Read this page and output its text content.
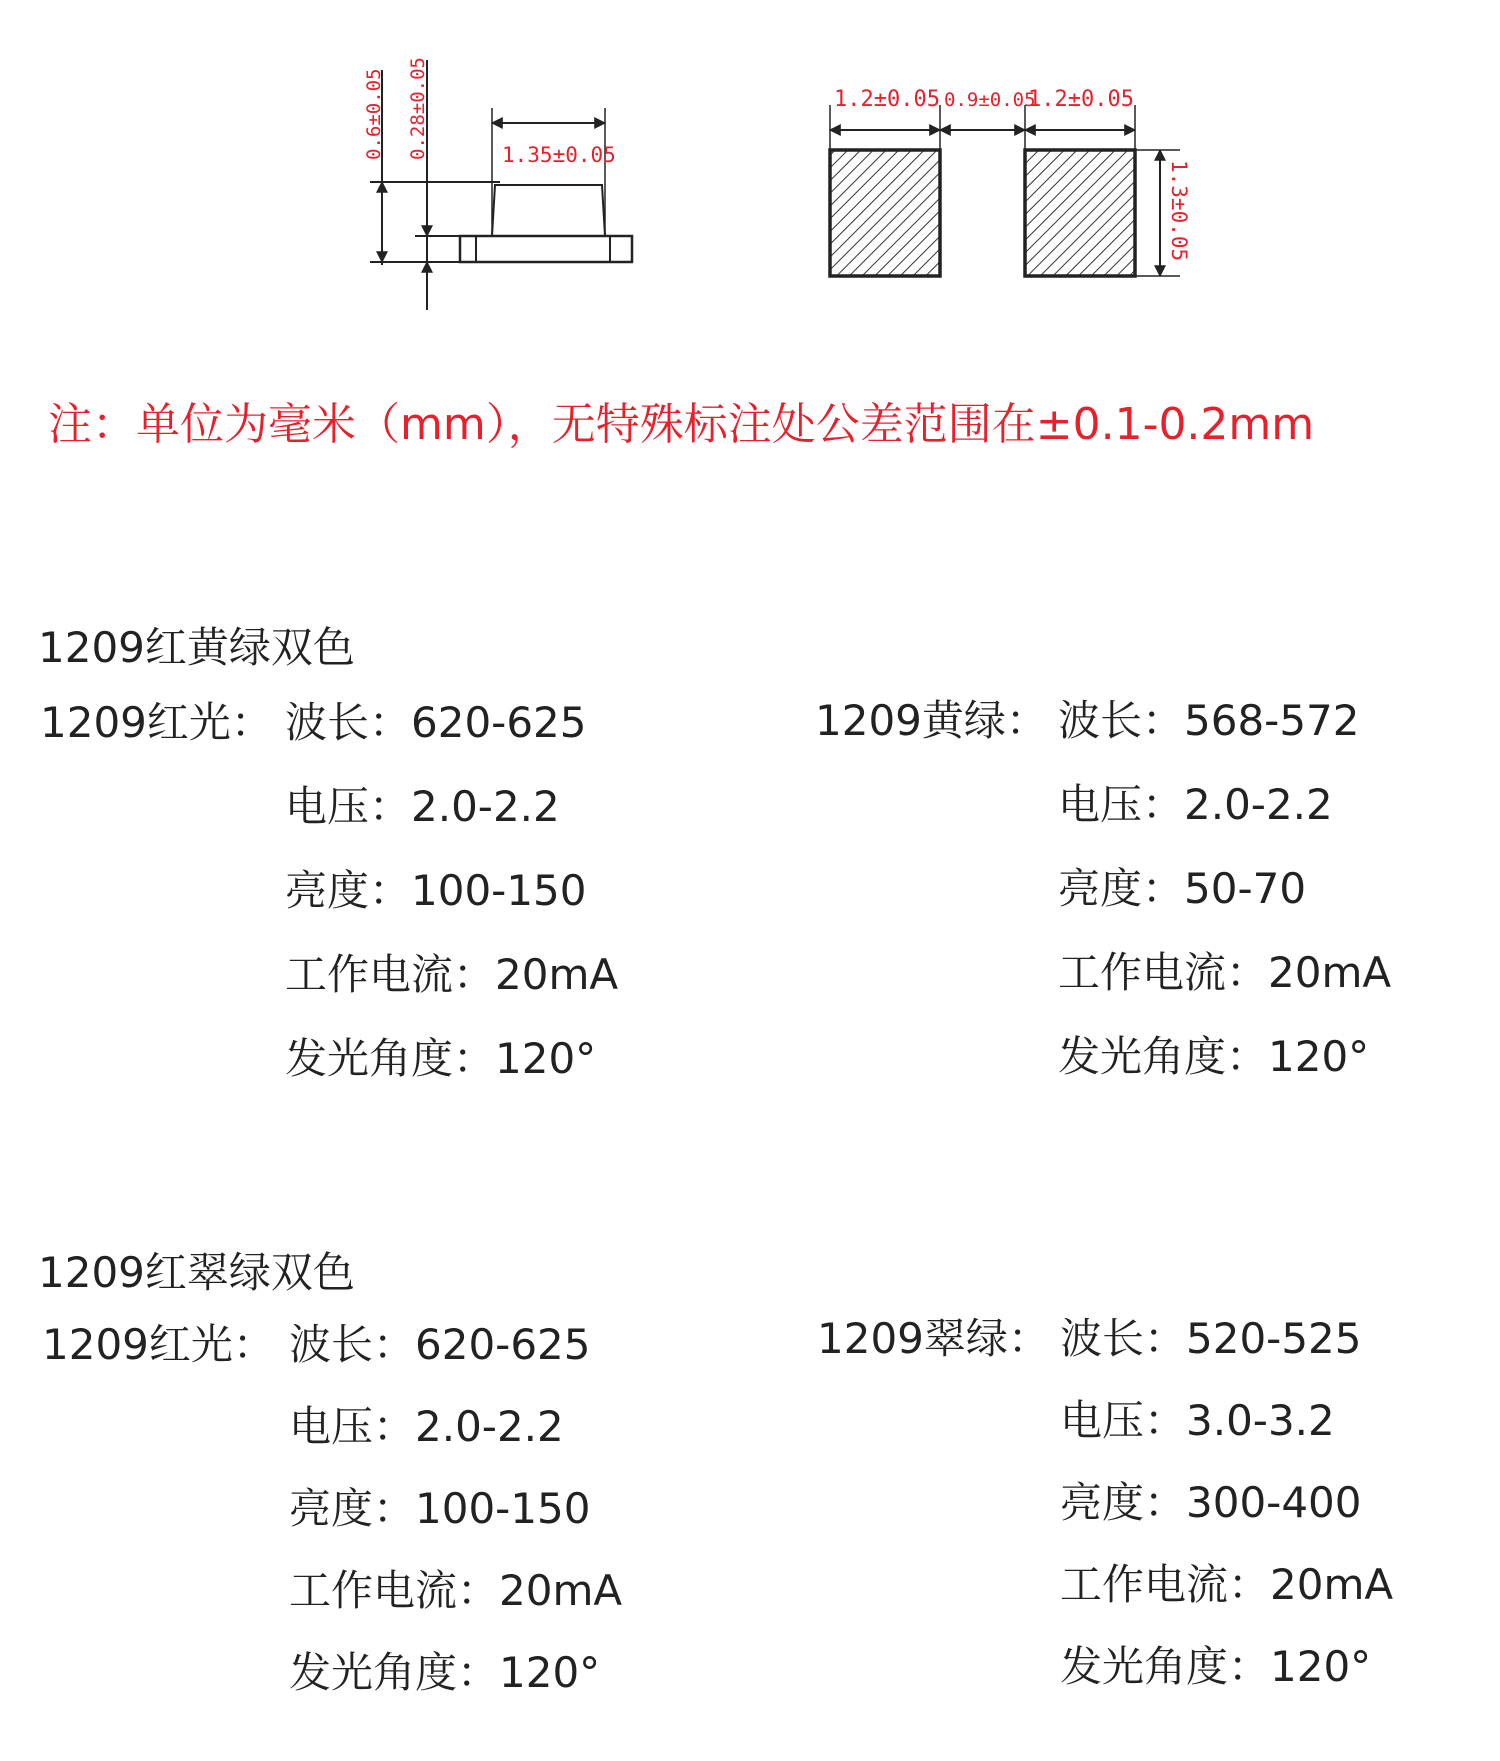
1.35±0.05
0.6±0.05 0.28±0.05	1.2±0.05 0.9±0.05
1.2±0.05
1.3±0.05
注：单位为毫米（mm），无特殊标注处公差范围在±0.1-0.2mm
1209红黄绿双色
1209红光： 波长：620-625
电压：2.0-2.2
亮度：100-150
工作电流：20mA
发光角度：120°
1209黄绿： 波长：568-572
电压：2.0-2.2
亮度：50-70
工作电流：20mA
发光角度：120°
1209红翠绿双色
1209红光： 波长：620-625
电压：2.0-2.2
亮度：100-150
工作电流：20mA
发光角度：120°
1209翠绿： 波长：520-525
电压：3.0-3.2
亮度：300-400
工作电流：20mA
发光角度：120°
